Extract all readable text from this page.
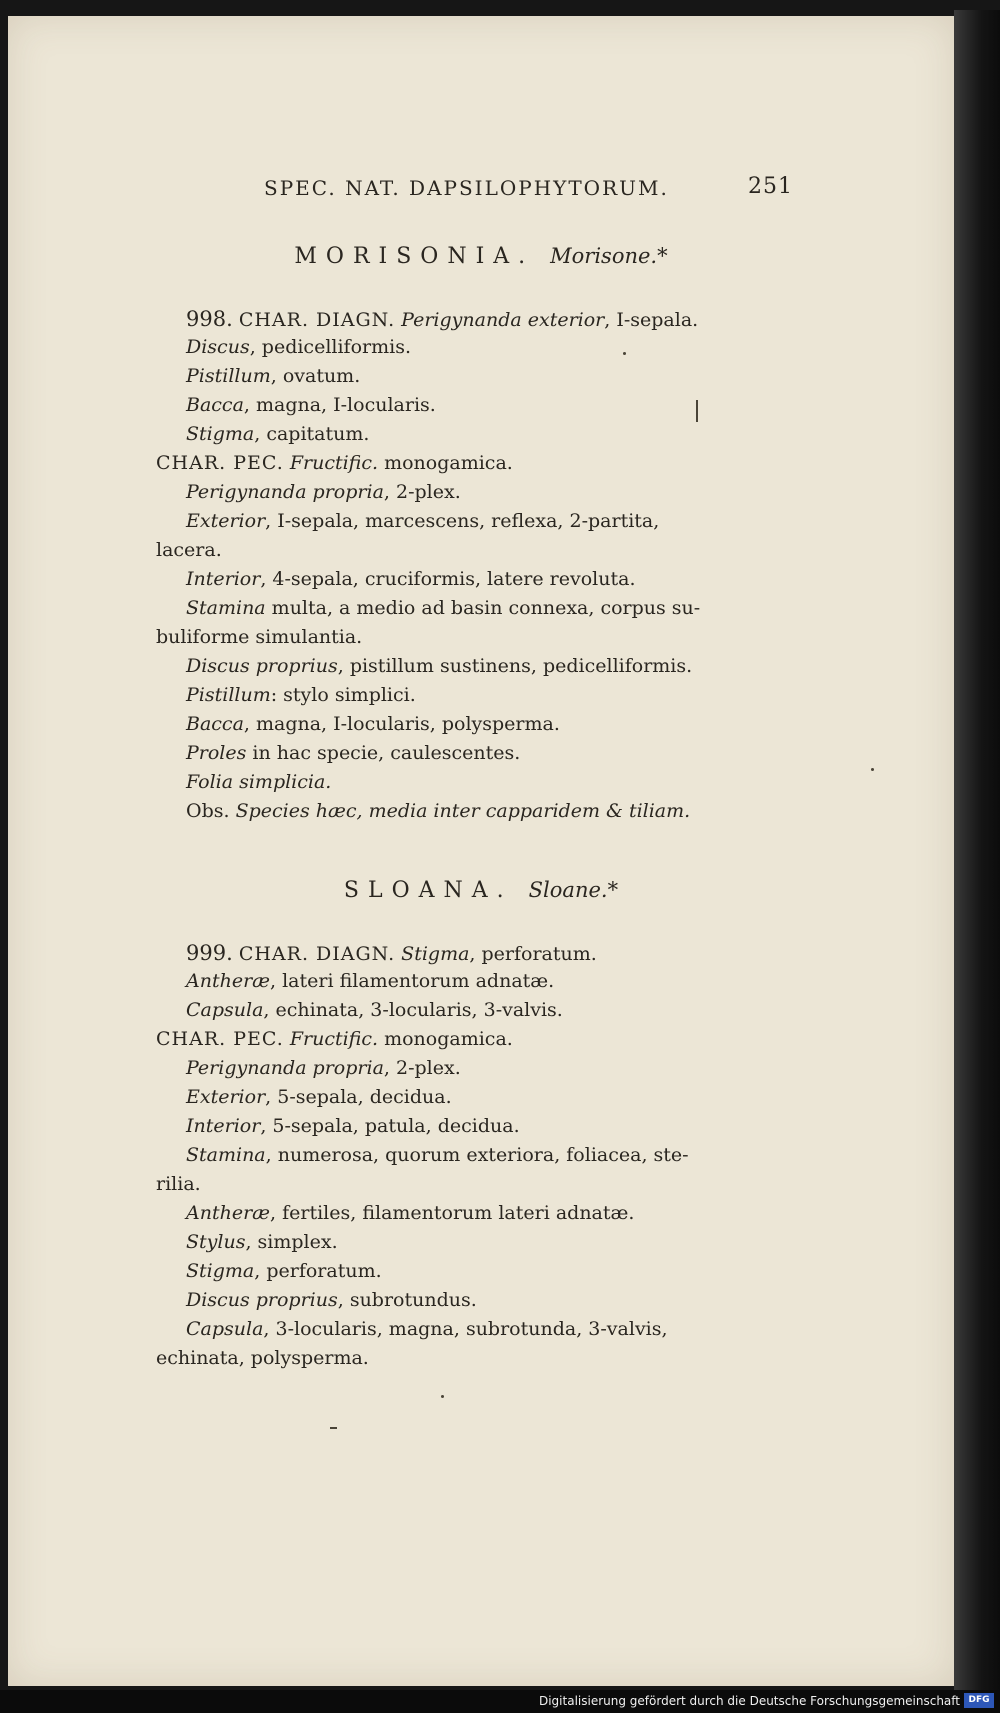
SPEC. NAT. DAPSILOPHYTORUM.	251
MORISONIA. Morisone.*
998. CHAR. DIAGN. Perigynanda exterior, I-sepala.
Discus, pedicelliformis.
Pistillum, ovatum.
Bacca, magna, I-locularis.
Stigma, capitatum.
CHAR. PEC. Fructific. monogamica.
Perigynanda propria, 2-plex.
Exterior, I-sepala, marcescens, reflexa, 2-partita,
lacera.
Interior, 4-sepala, cruciformis, latere revoluta.
Stamina multa, a medio ad basin connexa, corpus su-
buliforme simulantia.
Discus proprius, pistillum sustinens, pedicelliformis.
Pistillum: stylo simplici.
Bacca, magna, I-locularis, polysperma.
Proles in hac specie, caulescentes.
Folia simplicia.
Obs. Species hæc, media inter capparidem & tiliam.
SLOANA. Sloane.*
999. CHAR. DIAGN. Stigma, perforatum.
Antheræ, lateri filamentorum adnatæ.
Capsula, echinata, 3-locularis, 3-valvis.
CHAR. PEC. Fructific. monogamica.
Perigynanda propria, 2-plex.
Exterior, 5-sepala, decidua.
Interior, 5-sepala, patula, decidua.
Stamina, numerosa, quorum exteriora, foliacea, ste-
rilia.
Antheræ, fertiles, filamentorum lateri adnatæ.
Stylus, simplex.
Stigma, perforatum.
Discus proprius, subrotundus.
Capsula, 3-locularis, magna, subrotunda, 3-valvis,
echinata, polysperma.
Digitalisierung gefördert durch die Deutsche Forschungsgemeinschaft DFG
